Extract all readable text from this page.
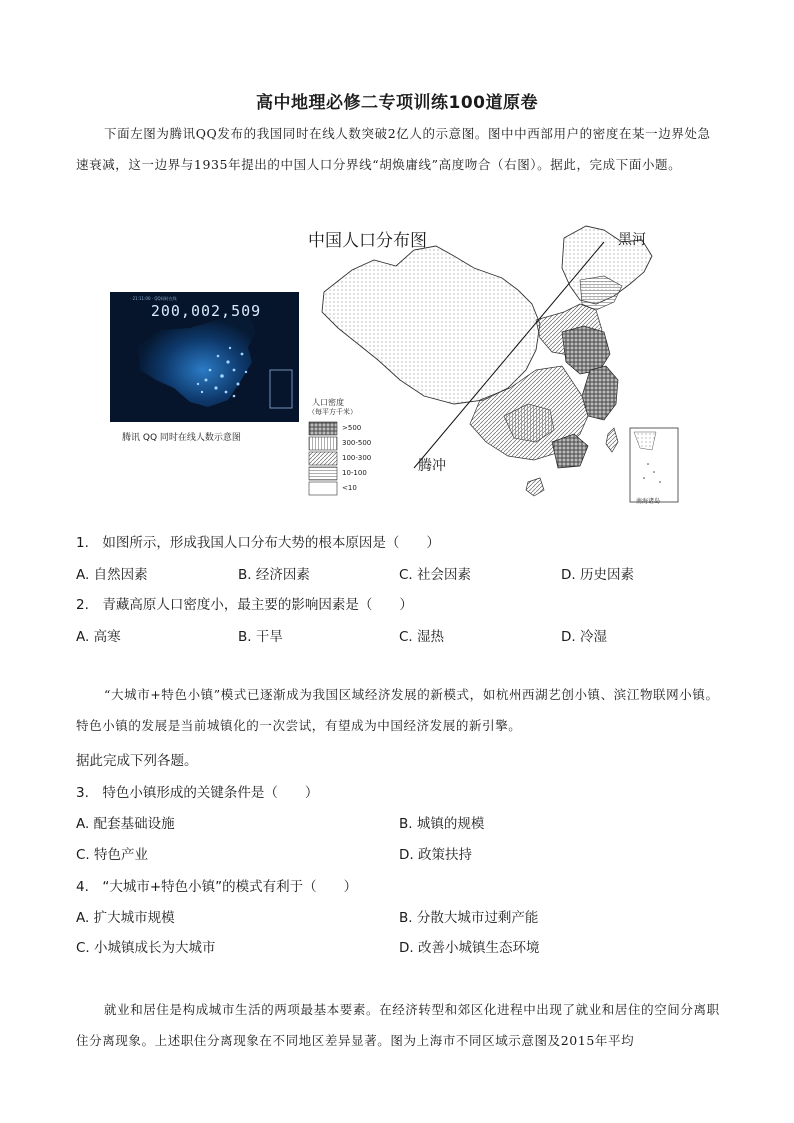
高中地理必修二专项训练100道原卷
下面左图为腾讯QQ发布的我国同时在线人数突破2亿人的示意图。图中中西部用户的密度在某一边界处急速衰减，这一边界与1935年提出的中国人口分界线“胡焕庸线”高度吻合（右图）。据此，完成下面小题。
· 21:11:00 · QQ同时在线
200,002,509
腾讯 QQ 同时在线人数示意图
中国人口分布图	黑河
腾冲
南海诸岛
人口密度
（每平方千米）
>500
300-500
100-300
10-100
<10
1.　如图所示，形成我国人口分布大势的根本原因是（　　）
A. 自然因素	B. 经济因素	C. 社会因素	D. 历史因素
2.　青藏高原人口密度小，最主要的影响因素是（　　）
A. 高寒	B. 干旱	C. 湿热	D. 冷湿
“大城市+特色小镇”模式已逐渐成为我国区域经济发展的新模式，如杭州西湖艺创小镇、滨江物联网小镇。特色小镇的发展是当前城镇化的一次尝试，有望成为中国经济发展的新引擎。
据此完成下列各题。
3.　特色小镇形成的关键条件是（　　）
A. 配套基础设施	B. 城镇的规模
C. 特色产业	D. 政策扶持
4.　“大城市+特色小镇”的模式有利于（　　）
A. 扩大城市规模	B. 分散大城市过剩产能
C. 小城镇成长为大城市	D. 改善小城镇生态环境
就业和居住是构成城市生活的两项最基本要素。在经济转型和郊区化进程中出现了就业和居住的空间分离职住分离现象。上述职住分离现象在不同地区差异显著。图为上海市不同区域示意图及2015年平均
